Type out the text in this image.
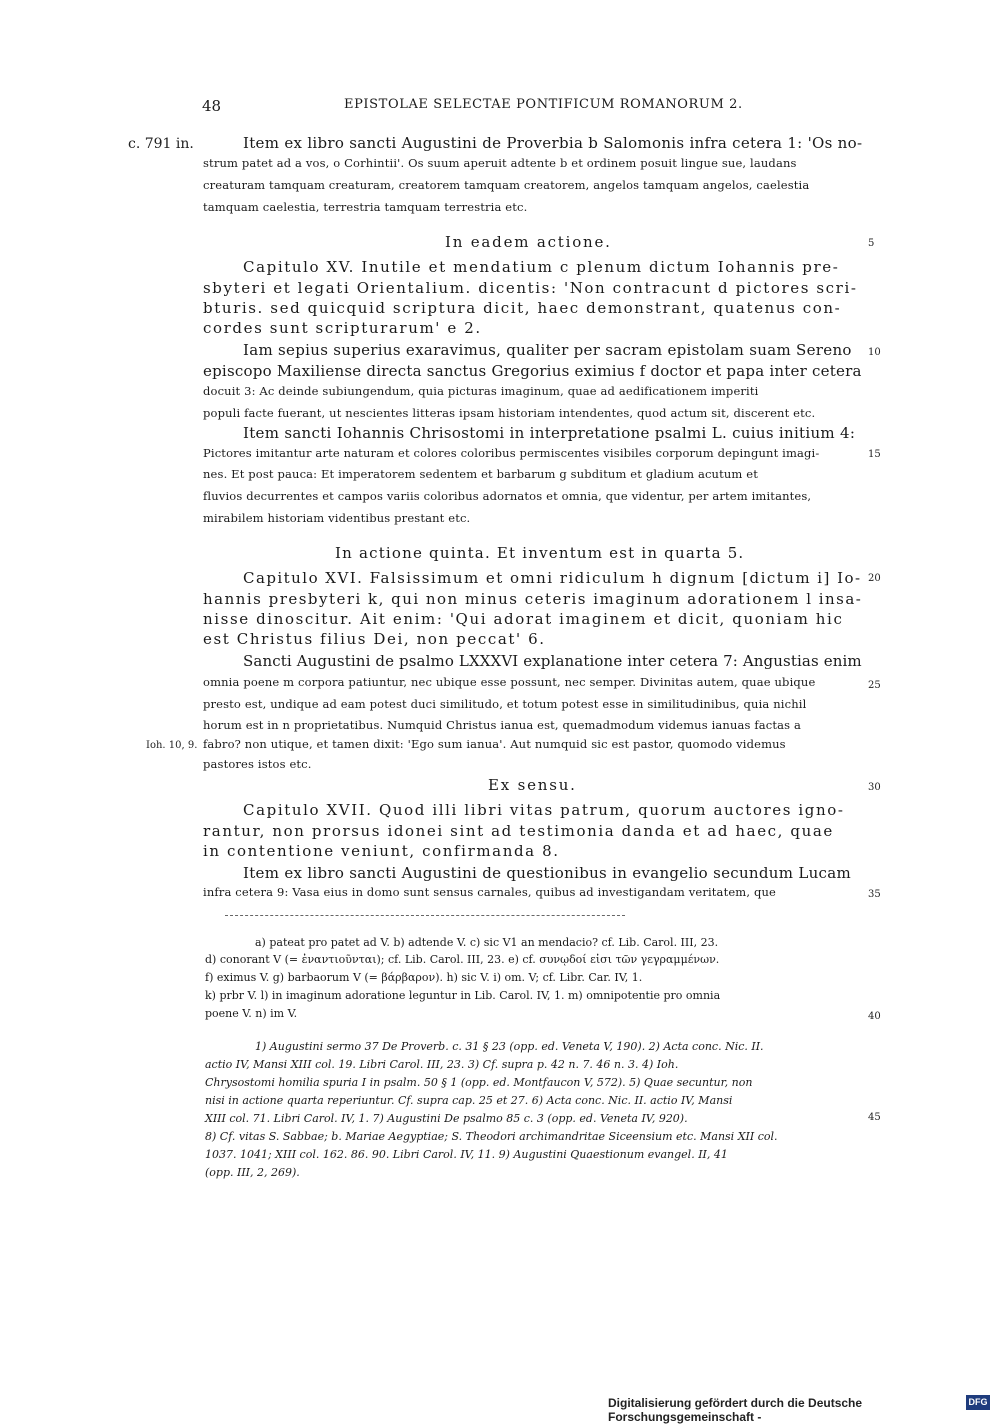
48	EPISTOLAE SELECTAE PONTIFICUM ROMANORUM 2.
c. 791 in.
Ioh. 10, 9.
5
10
15
20
25
30
35
40
45
Item ex libro sancti Augustini de Proverbia b Salomonis infra cetera 1: 'Os no-
strum patet ad a vos, o Corhintii'. Os suum aperuit adtente b et ordinem posuit lingue sue, laudans
creaturam tamquam creaturam, creatorem tamquam creatorem, angelos tamquam angelos, caelestia
tamquam caelestia, terrestria tamquam terrestria etc.
In eadem actione.
Capitulo XV. Inutile et mendatium c plenum dictum Iohannis pre-
sbyteri et legati Orientalium. dicentis: 'Non contracunt d pictores scri-
bturis. sed quicquid scriptura dicit, haec demonstrant, quatenus con-
cordes sunt scripturarum' e 2.
Iam sepius superius exaravimus, qualiter per sacram epistolam suam Sereno
episcopo Maxiliense directa sanctus Gregorius eximius f doctor et papa inter cetera
docuit 3: Ac deinde subiungendum, quia picturas imaginum, quae ad aedificationem imperiti
populi facte fuerant, ut nescientes litteras ipsam historiam intendentes, quod actum sit, discerent etc.
Item sancti Iohannis Chrisostomi in interpretatione psalmi L. cuius initium 4:
Pictores imitantur arte naturam et colores coloribus permiscentes visibiles corporum depingunt imagi-
nes. Et post pauca: Et imperatorem sedentem et barbarum g subditum et gladium acutum et
fluvios decurrentes et campos variis coloribus adornatos et omnia, que videntur, per artem imitantes,
mirabilem historiam videntibus prestant etc.
In actione quinta. Et inventum est in quarta 5.
Capitulo XVI. Falsissimum et omni ridiculum h dignum [dictum i] Io-
hannis presbyteri k, qui non minus ceteris imaginum adorationem l insa-
nisse dinoscitur. Ait enim: 'Qui adorat imaginem et dicit, quoniam hic
est Christus filius Dei, non peccat' 6.
Sancti Augustini de psalmo LXXXVI explanatione inter cetera 7: Angustias enim
omnia poene m corpora patiuntur, nec ubique esse possunt, nec semper. Divinitas autem, quae ubique
presto est, undique ad eam potest duci similitudo, et totum potest esse in similitudinibus, quia nichil
horum est in n proprietatibus. Numquid Christus ianua est, quemadmodum videmus ianuas factas a
fabro? non utique, et tamen dixit: 'Ego sum ianua'. Aut numquid sic est pastor, quomodo videmus
pastores istos etc.
Ex sensu.
Capitulo XVII. Quod illi libri vitas patrum, quorum auctores igno-
rantur, non prorsus idonei sint ad testimonia danda et ad haec, quae
in contentione veniunt, confirmanda 8.
Item ex libro sancti Augustini de questionibus in evangelio secundum Lucam
infra cetera 9: Vasa eius in domo sunt sensus carnales, quibus ad investigandam veritatem, que
a) pateat pro patet ad V. b) adtende V. c) sic V1 an mendacio? cf. Lib. Carol. III, 23.
d) conorant V (= ἐναντιοῦνται); cf. Lib. Carol. III, 23. e) cf. συνῳδοί εἰσι τῶν γεγραμμένων.
f) eximus V. g) barbaorum V (= βάρβαρον). h) sic V. i) om. V; cf. Libr. Car. IV, 1.
k) prbr V. l) in imaginum adoratione leguntur in Lib. Carol. IV, 1. m) omnipotentie pro omnia
poene V. n) im V.
1) Augustini sermo 37 De Proverb. c. 31 § 23 (opp. ed. Veneta V, 190). 2) Acta conc. Nic. II.
actio IV, Mansi XIII col. 19. Libri Carol. III, 23. 3) Cf. supra p. 42 n. 7. 46 n. 3. 4) Ioh.
Chrysostomi homilia spuria I in psalm. 50 § 1 (opp. ed. Montfaucon V, 572). 5) Quae secuntur, non
nisi in actione quarta reperiuntur. Cf. supra cap. 25 et 27. 6) Acta conc. Nic. II. actio IV, Mansi
XIII col. 71. Libri Carol. IV, 1. 7) Augustini De psalmo 85 c. 3 (opp. ed. Veneta IV, 920).
8) Cf. vitas S. Sabbae; b. Mariae Aegyptiae; S. Theodori archimandritae Siceensium etc. Mansi XII col.
1037. 1041; XIII col. 162. 86. 90. Libri Carol. IV, 11. 9) Augustini Quaestionum evangel. II, 41
(opp. III, 2, 269).
Digitalisierung gefördert durch die Deutsche Forschungsgemeinschaft -
DFG
